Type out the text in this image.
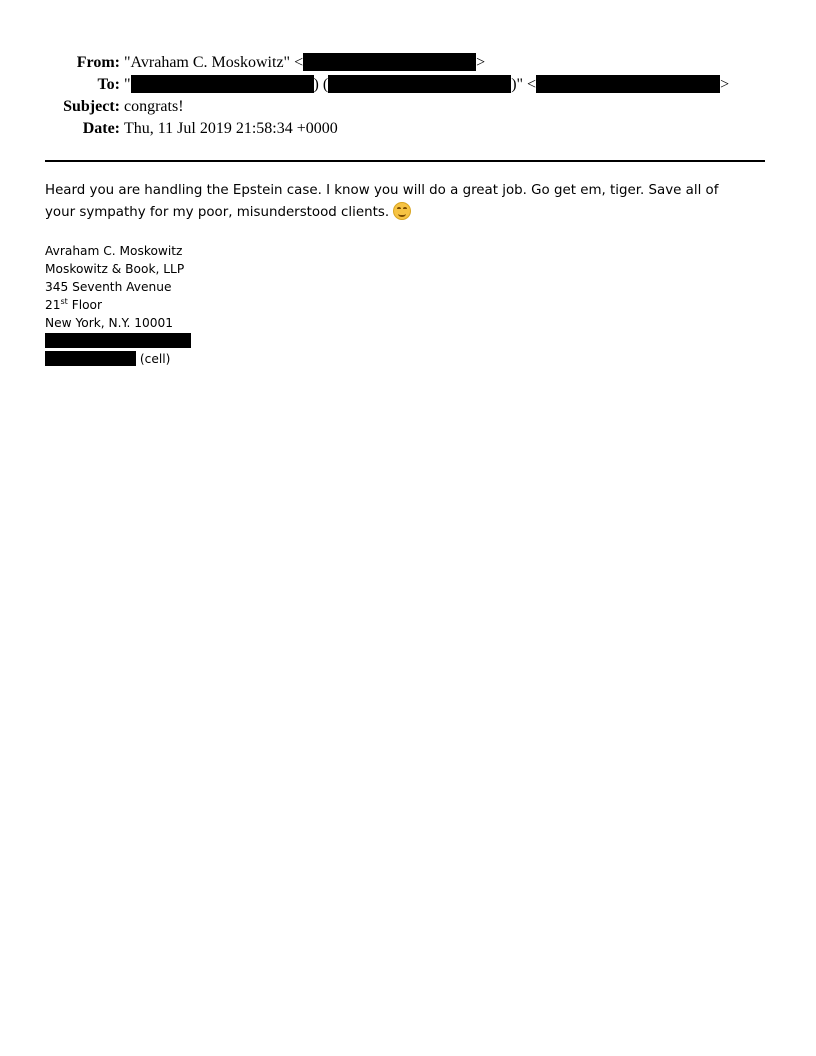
From: "Avraham C. Moskowitz" <	>
To: "	) (	)" <	>
Subject: congrats!
Date: Thu, 11 Jul 2019 21:58:34 +0000
Heard you are handling the Epstein case. I know you will do a great job. Go get em, tiger. Save all of your sympathy for my poor, misunderstood clients.
Avraham C. Moskowitz
Moskowitz & Book, LLP
345 Seventh Avenue
21st Floor
New York, N.Y. 10001
(cell)
